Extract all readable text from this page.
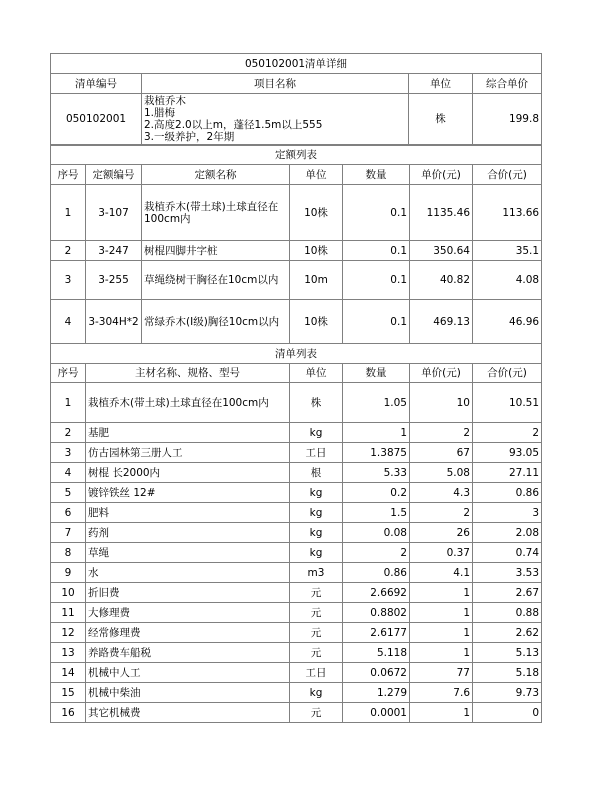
050102001清单详细			
清单编号	项目名称	单位	综合单价
050102001	栽植乔木
1.腊梅
2.高度2.0以上m，蓬径1.5m以上555
3.一级养护，2年期	株	199.8
定额列表						
序号	定额编号	定额名称	单位	数量	单价(元)	合价(元)
1	3-107	栽植乔木(带土球)土球直径在100cm内	10株	0.1	1135.46	113.66
2	3-247	树棍四脚井字桩	10株	0.1	350.64	35.1
3	3-255	草绳绕树干胸径在10cm以内	10m	0.1	40.82	4.08
4	3-304H*2	常绿乔木(I级)胸径10cm以内	10株	0.1	469.13	46.96
清单列表					
序号	主材名称、规格、型号	单位	数量	单价(元)	合价(元)
1	栽植乔木(带土球)土球直径在100cm内	株	1.05	10	10.51
2	基肥	kg	1	2	2
3	仿古园林第三册人工	工日	1.3875	67	93.05
4	树棍 长2000内	根	5.33	5.08	27.11
5	镀锌铁丝 12#	kg	0.2	4.3	0.86
6	肥料	kg	1.5	2	3
7	药剂	kg	0.08	26	2.08
8	草绳	kg	2	0.37	0.74
9	水	m3	0.86	4.1	3.53
10	折旧费	元	2.6692	1	2.67
11	大修理费	元	0.8802	1	0.88
12	经常修理费	元	2.6177	1	2.62
13	养路费车船税	元	5.118	1	5.13
14	机械中人工	工日	0.0672	77	5.18
15	机械中柴油	kg	1.279	7.6	9.73
16	其它机械费	元	0.0001	1	0
